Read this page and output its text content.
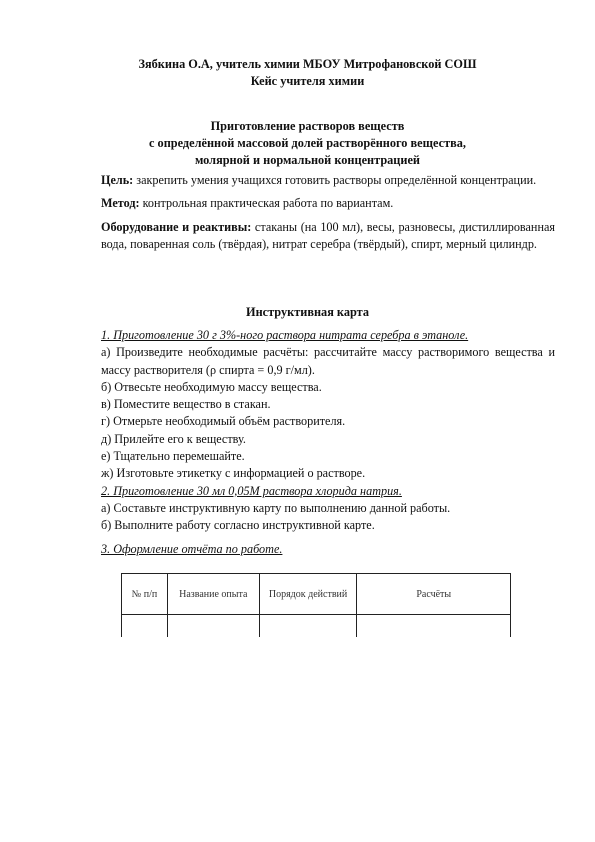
Зябкина О.А, учитель химии МБОУ Митрофановской СОШ
Кейс учителя химии
Приготовление растворов веществ
с определённой массовой долей растворённого вещества,
молярной и нормальной концентрацией

Цель: закрепить умения учащихся готовить растворы определённой концентрации.

Метод: контрольная практическая работа по вариантам.

Оборудование и реактивы: стаканы (на 100 мл), весы, разновесы, дистиллированная вода, поваренная соль (твёрдая), нитрат серебра (твёрдый), спирт, мерный цилиндр.

Инструктивная карта

1. Приготовление 30 г 3%-ного раствора нитрата серебра в этаноле.

а) Произведите необходимые расчёты: рассчитайте массу растворимого вещества и массу растворителя (ρ спирта = 0,9 г/мл).

б) Отвесьте необходимую массу вещества.

в) Поместите вещество в стакан.

г) Отмерьте необходимый объём растворителя.

д) Прилейте его к веществу.

е) Тщательно перемешайте.

ж) Изготовьте этикетку с информацией о растворе.

2. Приготовление 30 мл 0,05М раствора хлорида натрия.

а) Составьте инструктивную карту по выполнению данной работы.

б) Выполните работу согласно инструктивной карте.

3. Оформление отчёта по работе.

№ п/п	Название опыта	Порядок действий	Расчёты
